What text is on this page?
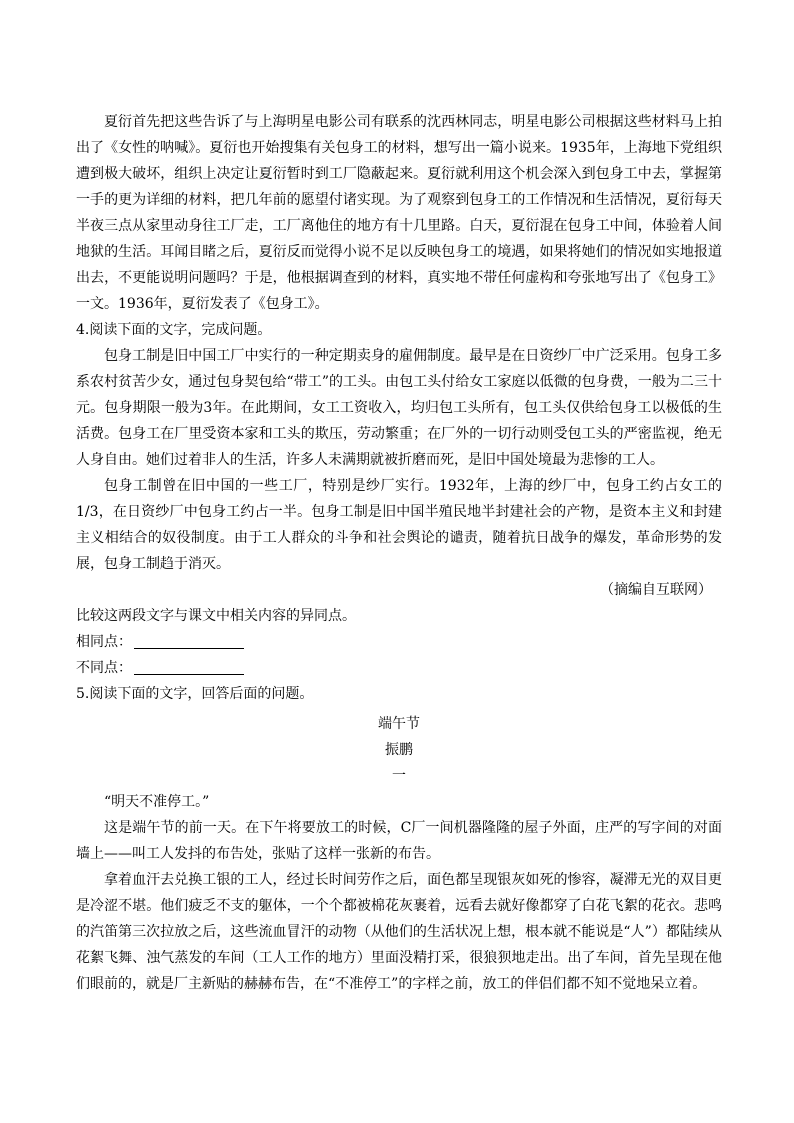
夏衍首先把这些告诉了与上海明星电影公司有联系的沈西林同志，明星电影公司根据这些材料马上拍出了《女性的呐喊》。夏衍也开始搜集有关包身工的材料，想写出一篇小说来。1935年，上海地下党组织遭到极大破坏，组织上决定让夏衍暂时到工厂隐蔽起来。夏衍就利用这个机会深入到包身工中去，掌握第一手的更为详细的材料，把几年前的愿望付诸实现。为了观察到包身工的工作情况和生活情况，夏衍每天半夜三点从家里动身往工厂走，工厂离他住的地方有十几里路。白天，夏衍混在包身工中间，体验着人间地狱的生活。耳闻目睹之后，夏衍反而觉得小说不足以反映包身工的境遇，如果将她们的情况如实地报道出去，不更能说明问题吗？于是，他根据调查到的材料，真实地不带任何虚构和夸张地写出了《包身工》一文。1936年，夏衍发表了《包身工》。

4.阅读下面的文字，完成问题。

包身工制是旧中国工厂中实行的一种定期卖身的雇佣制度。最早是在日资纱厂中广泛采用。包身工多系农村贫苦少女，通过包身契包给“带工”的工头。由包工头付给女工家庭以低微的包身费，一般为二三十元。包身期限一般为3年。在此期间，女工工资收入，均归包工头所有，包工头仅供给包身工以极低的生活费。包身工在厂里受资本家和工头的欺压，劳动繁重；在厂外的一切行动则受包工头的严密监视，绝无人身自由。她们过着非人的生活，许多人未满期就被折磨而死，是旧中国处境最为悲惨的工人。

包身工制曾在旧中国的一些工厂，特别是纱厂实行。1932年，上海的纱厂中，包身工约占女工的1/3，在日资纱厂中包身工约占一半。包身工制是旧中国半殖民地半封建社会的产物，是资本主义和封建主义相结合的奴役制度。由于工人群众的斗争和社会舆论的谴责，随着抗日战争的爆发，革命形势的发展，包身工制趋于消灭。

（摘编自互联网）

比较这两段文字与课文中相关内容的异同点。

相同点：

不同点：

5.阅读下面的文字，回答后面的问题。

端午节

振鹏

一

“明天不准停工。”

这是端午节的前一天。在下午将要放工的时候，C厂一间机器隆隆的屋子外面，庄严的写字间的对面墙上——叫工人发抖的布告处，张贴了这样一张新的布告。

拿着血汗去兑换工银的工人，经过长时间劳作之后，面色都呈现银灰如死的惨容，凝滞无光的双目更是冷涩不堪。他们疲乏不支的躯体，一个个都被棉花灰裹着，远看去就好像都穿了白花飞絮的花衣。悲鸣的汽笛第三次拉放之后，这些流血冒汗的动物（从他们的生活状况上想，根本就不能说是“人”）都陆续从花絮飞舞、浊气蒸发的车间（工人工作的地方）里面没精打采，很狼狈地走出。出了车间，首先呈现在他们眼前的，就是厂主新贴的赫赫布告，在“不准停工”的字样之前，放工的伴侣们都不知不觉地呆立着。
